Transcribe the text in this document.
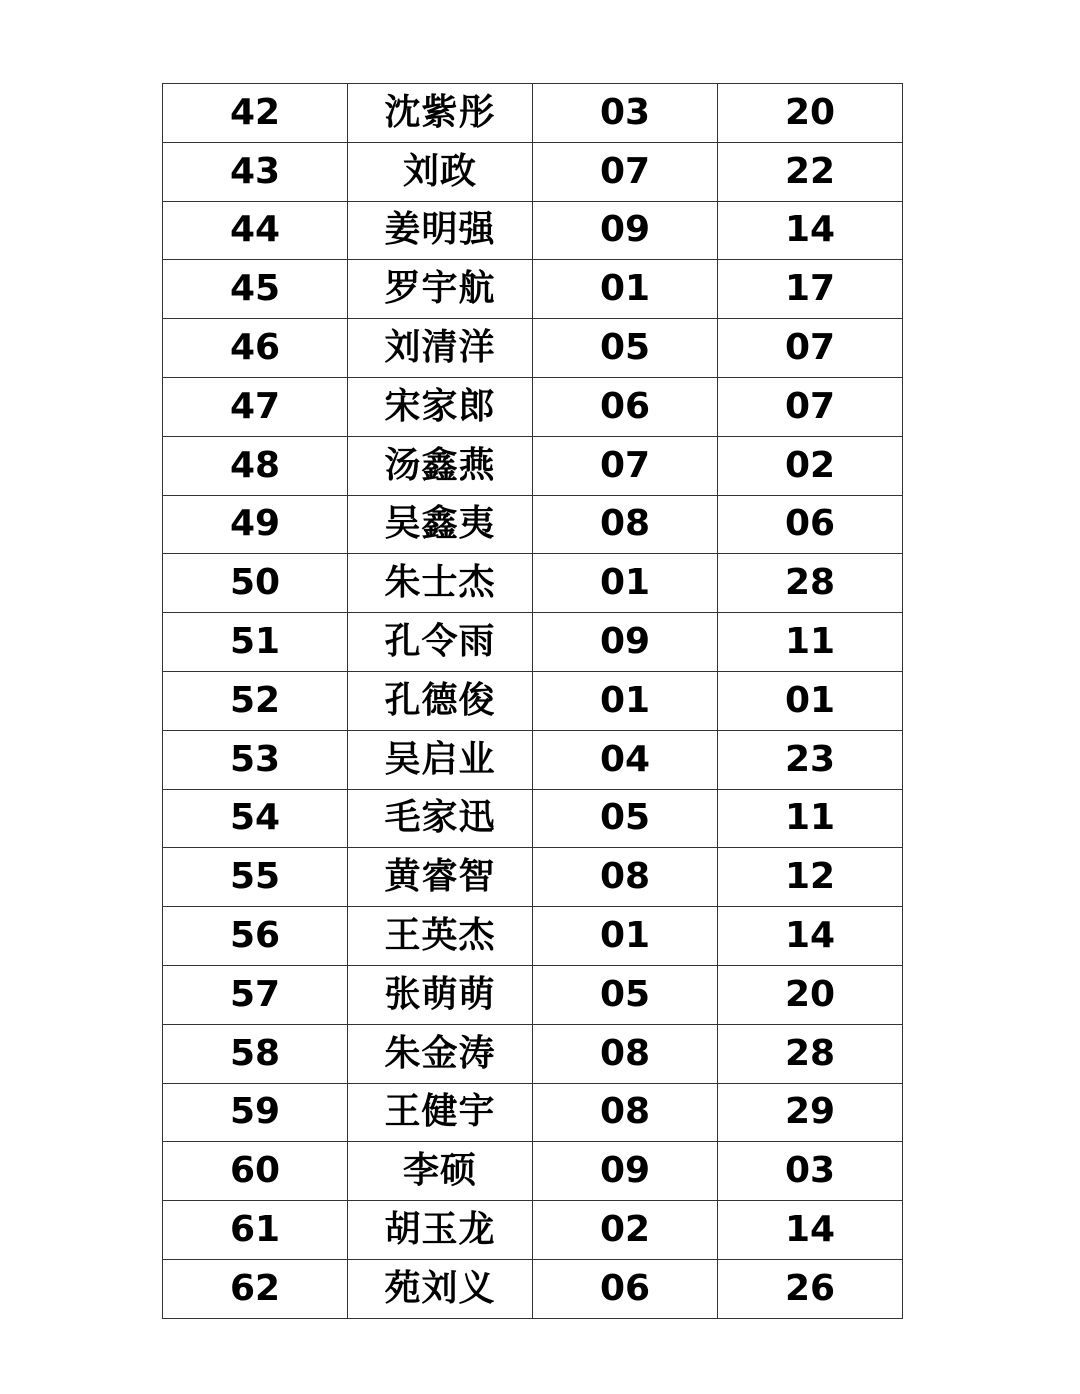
42	沈紫彤	03	20
43	刘政	07	22
44	姜明强	09	14
45	罗宇航	01	17
46	刘清洋	05	07
47	宋家郎	06	07
48	汤鑫燕	07	02
49	吴鑫夷	08	06
50	朱士杰	01	28
51	孔令雨	09	11
52	孔德俊	01	01
53	吴启业	04	23
54	毛家迅	05	11
55	黄睿智	08	12
56	王英杰	01	14
57	张萌萌	05	20
58	朱金涛	08	28
59	王健宇	08	29
60	李硕	09	03
61	胡玉龙	02	14
62	苑刘义	06	26
